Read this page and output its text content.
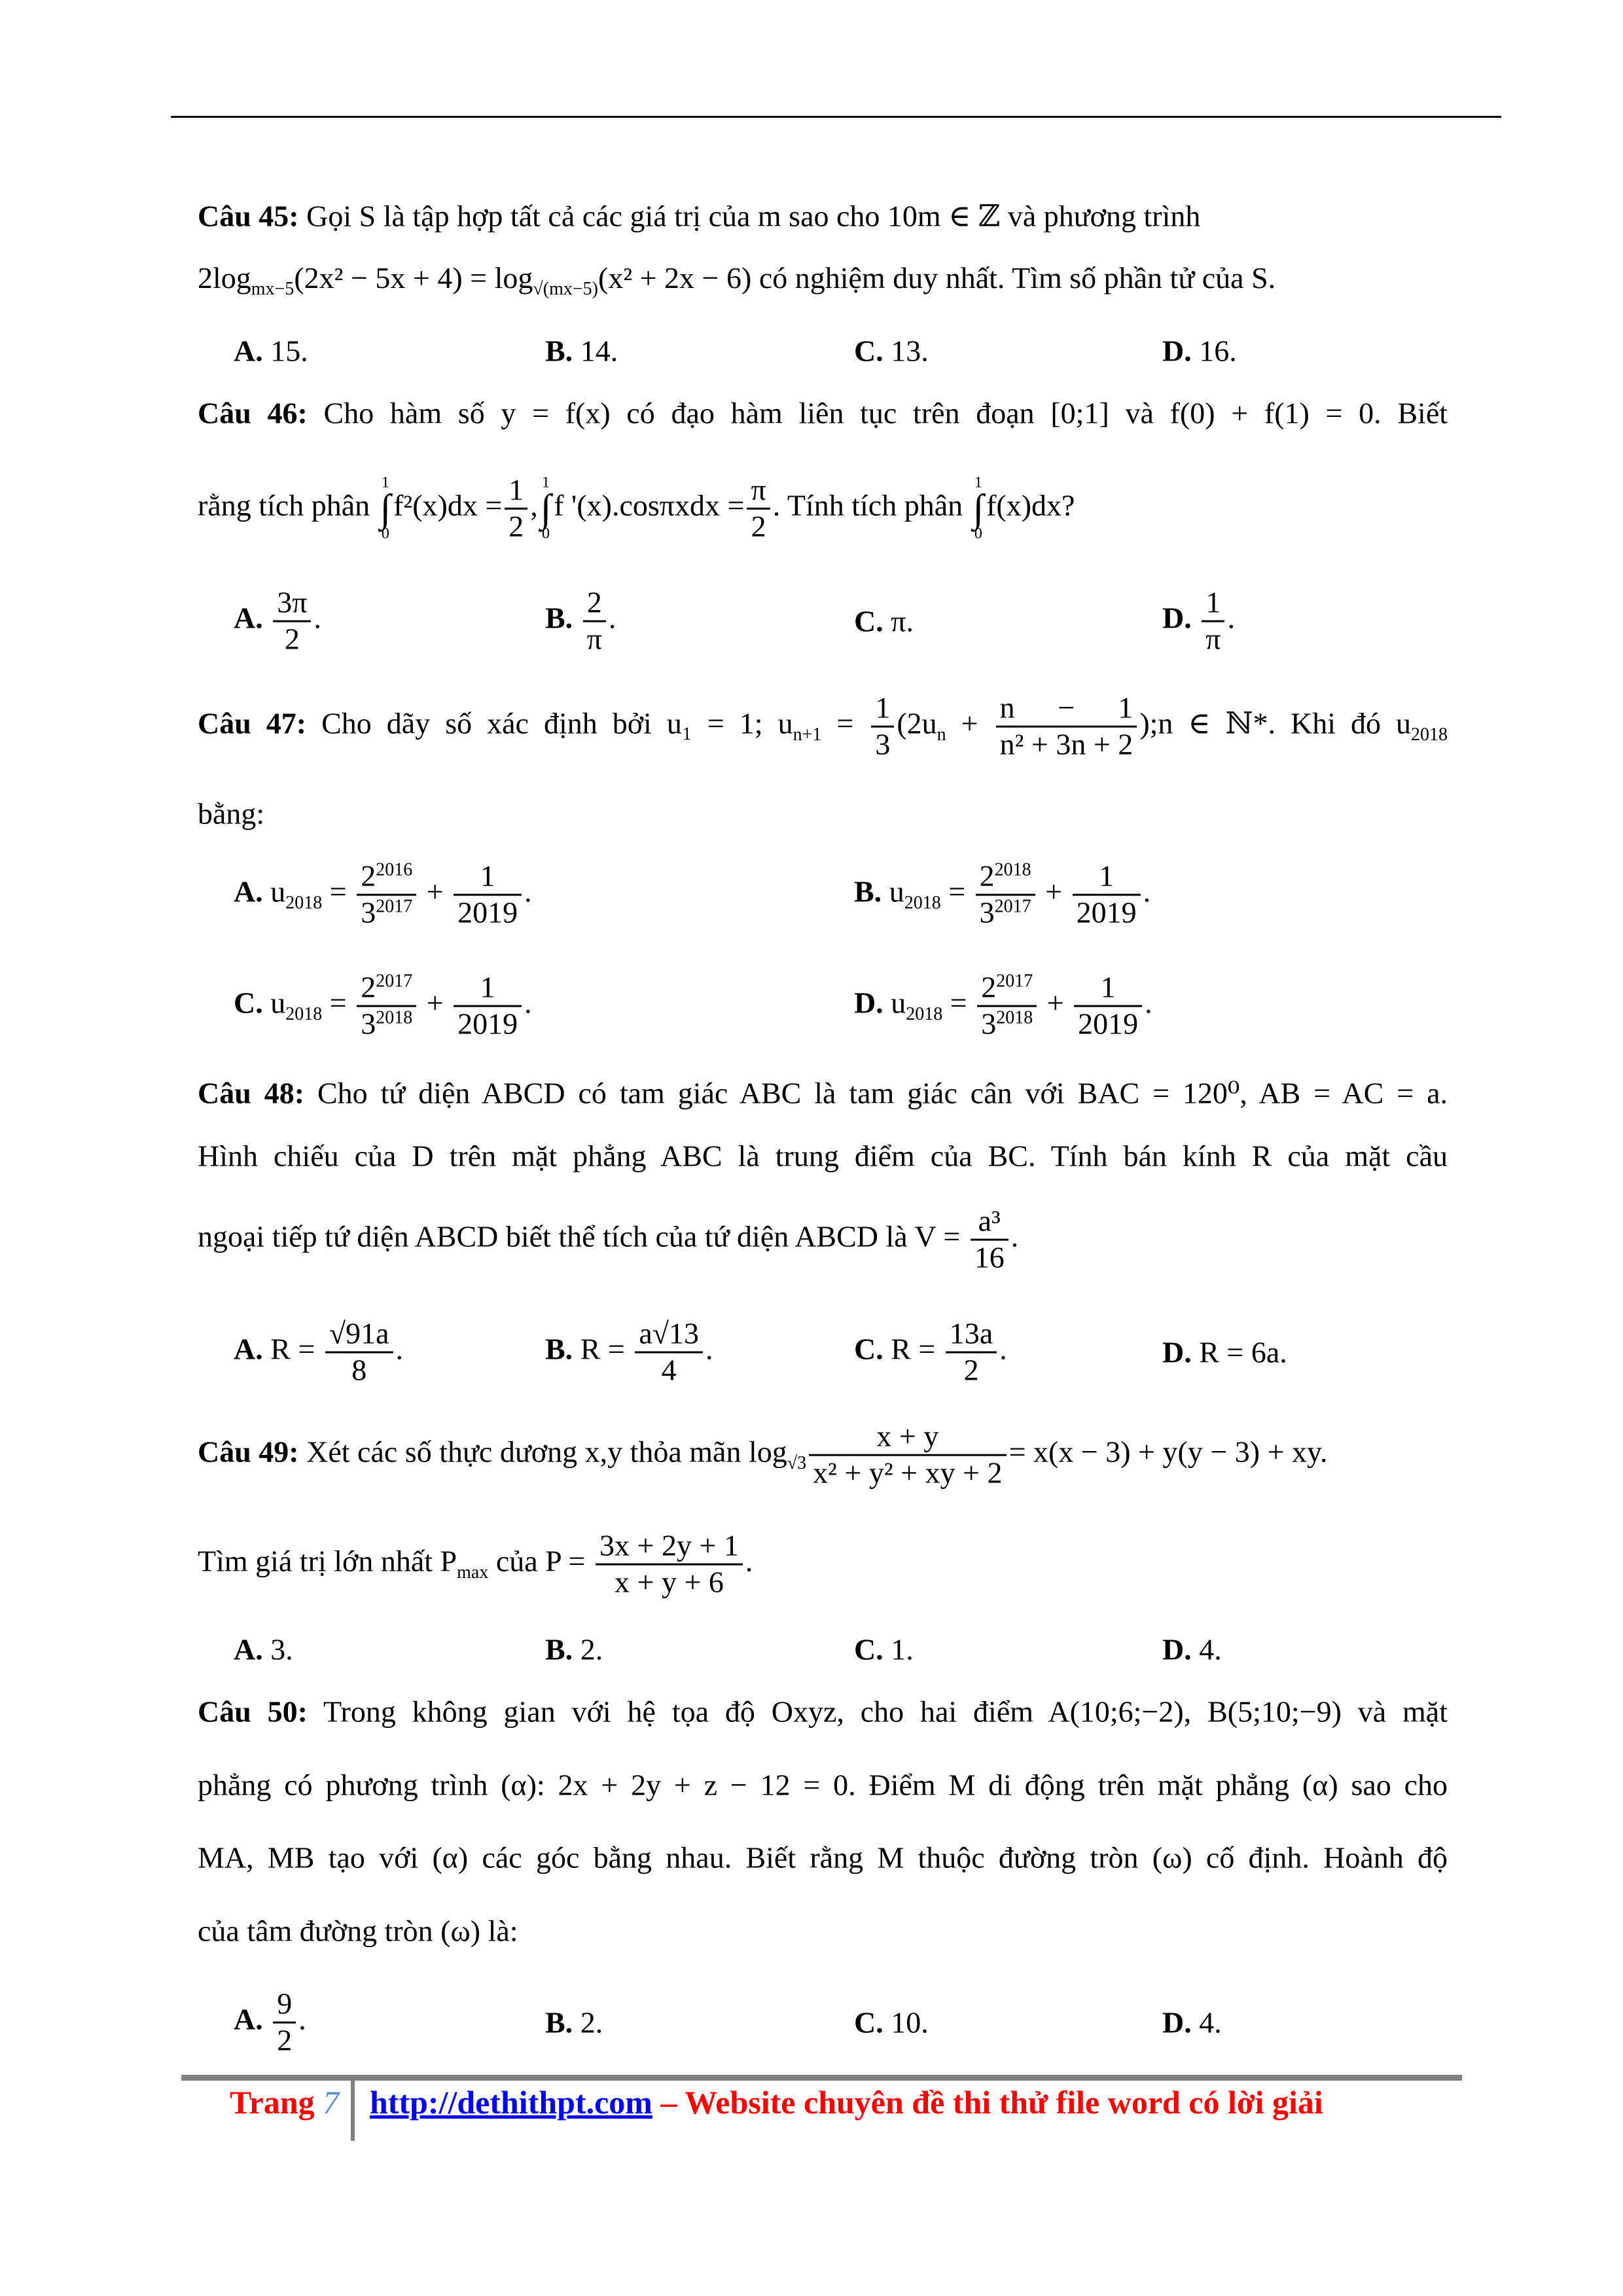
Câu 45: Gọi S là tập hợp tất cả các giá trị của m sao cho 10m ∈ ℤ và phương trình
$2\log_{mx-5}(2x^2 - 5x + 4) = \log_{√(mx-5)}(x^2 + 2x - 6)$ có nghiệm duy nhất. Tìm số phần tử của S.
A. 15.	B. 14.	C. 13.	D. 16.
Câu 46: Cho hàm số y = f(x) có đạo hàm liên tục trên đoạn [0;1] và f(0) + f(1) = 0. Biết
rằng tích phân
1
∫
0
$f^2(x)dx = \frac{1}{2}$ ,
1
∫
0
f '$(x).\cos\pi xdx = \frac{\pi}{2}$ . Tính tích phân
1
∫
0
f(x)dx?
A. $\frac{3\pi}{2}$ .	B. $\frac{2}{\pi}$ .	C. π.	D. $\frac{1}{\pi}$ .
Câu 47: Cho dãy số xác định bởi u₁ = 1; $u_{n+1} = \frac{1}{3} (2u_n + \frac{n - 1}{\text{n² + 3n + 2}}$ );n ∈ ℕ*. Khi đó $u_{2018}$
bằng:
A. $u_{2018} = \frac{2^{2016}}{3^{2017}} + \frac{1}{2019}$ .	B. $u_{2018} = \frac{2^{2018}}{3^{2017}} + \frac{1}{2019}$ .
C. $u_{2018} = \frac{2^{2017}}{3^{2018}} + \frac{1}{2019}$ .	D. $u_{2018} = \frac{2^{2017}}{3^{2018}} + \frac{1}{2019}$ .
Câu 48: Cho tứ diện ABCD có tam giác ABC là tam giác cân với BAC = 120⁰, AB = AC = a.
Hình chiếu của D trên mặt phẳng ABC là trung điểm của BC. Tính bán kính R của mặt cầu
ngoại tiếp tứ diện ABCD biết thể tích của tứ diện ABCD là $V = \frac{\text{a³}}{16}$ .
A. $R = \frac{√91a}{8}$ .	B. $R = \frac{a√13}{4}$ .	C. $R = \frac{13a}{2}$ .	D. R = 6a.
Câu 49: Xét các số thực dương x,y thỏa mãn $\log_{√3} \frac{x + y}{\text{x² + y² + xy + 2}} = x(x - 3) + y(y - 3)$ + xy.
Tìm giá trị lớn nhất $P_{max}$ của $P = \frac{3x + 2y + 1}{x + y + 6}$ .
A. 3.	B. 2.	C. 1.	D. 4.
Câu 50: Trong không gian với hệ tọa độ Oxyz, cho hai điểm A(10;6;−2), B(5;10;−9) và mặt
phẳng có phương trình (α): 2x + 2y + z − 12 = 0. Điểm M di động trên mặt phẳng (α) sao cho
MA, MB tạo với (α) các góc bằng nhau. Biết rằng M thuộc đường tròn (ω) cố định. Hoành độ
của tâm đường tròn (ω) là:
A. $\frac{9}{2}$ .	B. 2.	C. 10.	D. 4.
Trang 7 http://dethithpt.com – Website chuyên đề thi thử file word có lời giải
